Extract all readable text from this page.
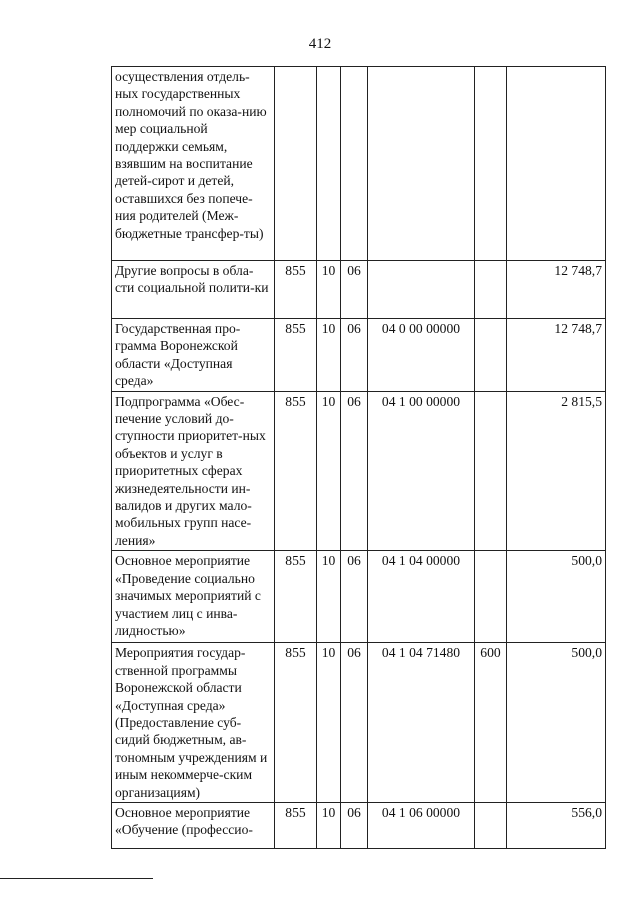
412
осуществления отдель-ных государственных полномочий по оказа-нию мер социальной поддержки семьям, взявшим на воспитание детей-сирот и детей, оставшихся без попече-ния родителей (Меж-бюджетные трансфер-ты)						
Другие вопросы в обла-сти социальной полити-ки	855	10	06			12 748,7
Государственная про-грамма Воронежской области «Доступная среда»	855	10	06	04 0 00 00000		12 748,7
Подпрограмма «Обес-печение условий до-ступности приоритет-ных объектов и услуг в приоритетных сферах жизнедеятельности ин-валидов и других мало-мобильных групп насе-ления»	855	10	06	04 1 00 00000		2 815,5
Основное мероприятие «Проведение социально значимых мероприятий с участием лиц с инва-лидностью»	855	10	06	04 1 04 00000		500,0
Мероприятия государ-ственной программы Воронежской области «Доступная среда» (Предоставление суб-сидий бюджетным, ав-тономным учреждениям и иным некоммерче-ским организациям)	855	10	06	04 1 04 71480	600	500,0
Основное мероприятие «Обучение (профессио-	855	10	06	04 1 06 00000		556,0
